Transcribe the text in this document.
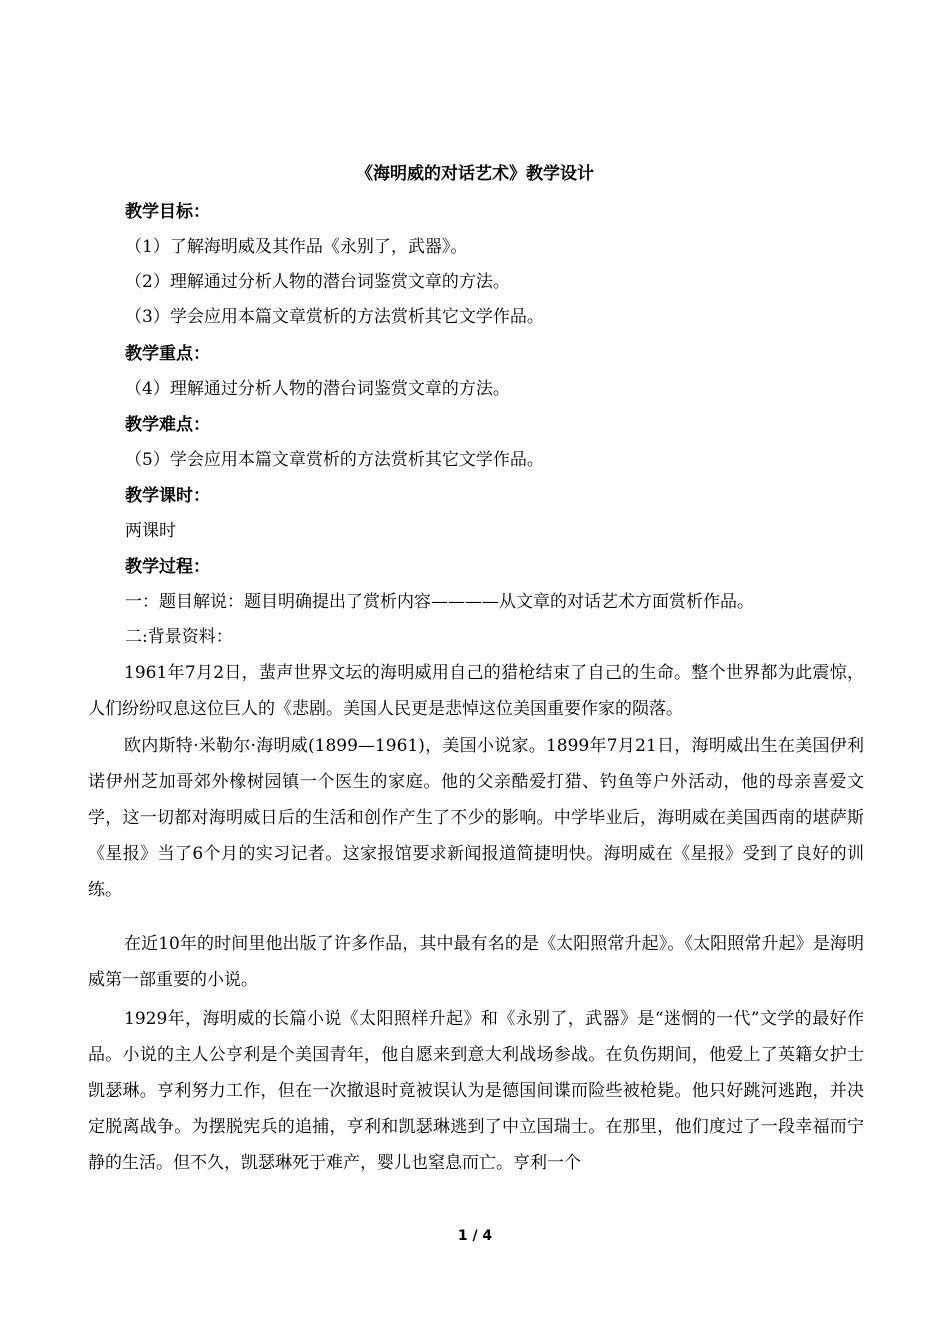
《海明威的对话艺术》教学设计
教学目标：
（1）了解海明威及其作品《永别了，武器》。
（2）理解通过分析人物的潜台词鉴赏文章的方法。
（3）学会应用本篇文章赏析的方法赏析其它文学作品。
教学重点：
（4）理解通过分析人物的潜台词鉴赏文章的方法。
教学难点：
（5）学会应用本篇文章赏析的方法赏析其它文学作品。
教学课时：
两课时
教学过程：
一：题目解说：题目明确提出了赏析内容————从文章的对话艺术方面赏析作品。
二:背景资料：
1961年7月2日，蜚声世界文坛的海明威用自己的猎枪结束了自己的生命。整个世界都为此震惊，人们纷纷叹息这位巨人的《悲剧。美国人民更是悲悼这位美国重要作家的陨落。
欧内斯特·米勒尔·海明威(1899—1961)，美国小说家。1899年7月21日，海明威出生在美国伊利诺伊州芝加哥郊外橡树园镇一个医生的家庭。他的父亲酷爱打猎、钓鱼等户外活动，他的母亲喜爱文学，这一切都对海明威日后的生活和创作产生了不少的影响。中学毕业后，海明威在美国西南的堪萨斯《星报》当了6个月的实习记者。这家报馆要求新闻报道简捷明快。海明威在《星报》受到了良好的训练。
在近10年的时间里他出版了许多作品，其中最有名的是《太阳照常升起》。《太阳照常升起》是海明威第一部重要的小说。
1929年，海明威的长篇小说《太阳照样升起》和《永别了，武器》是“迷惘的一代”文学的最好作品。小说的主人公亨利是个美国青年，他自愿来到意大利战场参战。在负伤期间，他爱上了英籍女护士凯瑟琳。亨利努力工作，但在一次撤退时竟被误认为是德国间谍而险些被枪毙。他只好跳河逃跑，并决定脱离战争。为摆脱宪兵的追捕，亨利和凯瑟琳逃到了中立国瑞士。在那里，他们度过了一段幸福而宁静的生活。但不久，凯瑟琳死于难产，婴儿也窒息而亡。亨利一个
1 / 4
